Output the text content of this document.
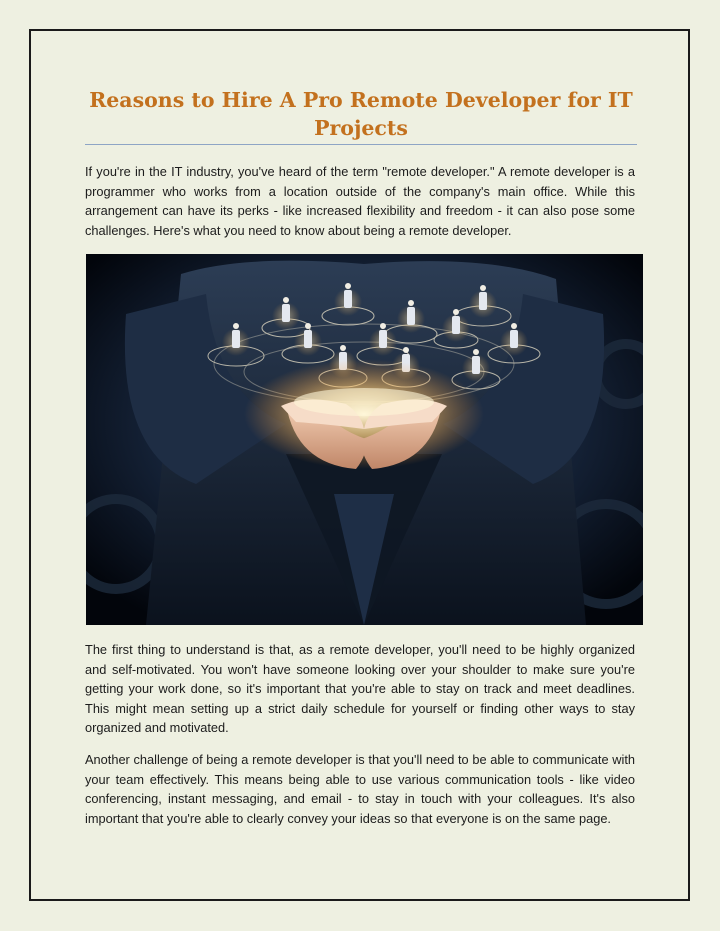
Reasons to Hire A Pro Remote Developer for IT Projects

If you're in the IT industry, you've heard of the term "remote developer." A remote developer is a programmer who works from a location outside of the company's main office. While this arrangement can have its perks - like increased flexibility and freedom - it can also pose some challenges. Here's what you need to know about being a remote developer.

The first thing to understand is that, as a remote developer, you'll need to be highly organized and self-motivated. You won't have someone looking over your shoulder to make sure you're getting your work done, so it's important that you're able to stay on track and meet deadlines. This might mean setting up a strict daily schedule for yourself or finding other ways to stay organized and motivated.

Another challenge of being a remote developer is that you'll need to be able to communicate with your team effectively. This means being able to use various communication tools - like video conferencing, instant messaging, and email - to stay in touch with your colleagues. It's also important that you're able to clearly convey your ideas so that everyone is on the same page.
